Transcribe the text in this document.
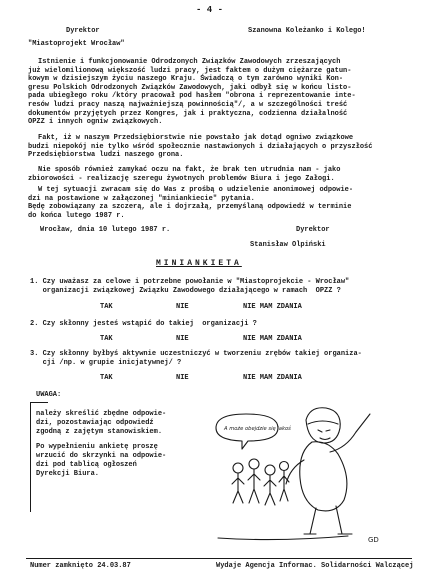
- 4 -
Dyrektor
"Miastoprojekt Wrocław"
Szanowna Koleżanko i Kolego!
Istnienie i funkcjonowanie Odrodzonych Związków Zawodowych zrzeszających
już wielomilionową większość ludzi pracy, jest faktem o dużym ciężarze gatun-
kowym w dzisiejszym życiu naszego Kraju. Świadczą o tym zarówno wyniki Kon-
gresu Polskich Odrodzonych Związków Zawodowych, jaki odbył się w końcu listo-
pada ubiegłego roku /który pracował pod hasłem "obrona i reprezentowanie inte-
resów ludzi pracy naszą najważniejszą powinnością"/, a w szczególności treść
dokumentów przyjętych przez Kongres, jak i praktyczna, codzienna działalność
OPZZ i innych ogniw związkowych.
Fakt, iż w naszym Przedsiębiorstwie nie powstało jak dotąd ogniwo związkowe
budzi niepokój nie tylko wśród społecznie nastawionych i działających o przyszłość
Przedsiębiorstwa ludzi naszego grona.
Nie sposób również zamykać oczu na fakt, że brak ten utrudnia nam - jako
zbiorowości - realizację szeregu żywotnych problemów Biura i jego Załogi.
W tej sytuacji zwracam się do Was z prośbą o udzielenie anonimowej odpowie-
dzi na postawione w załączonej "miniankiecie" pytania.
Będę zobowiązany za szczerą, ale i dojrzałą, przemyślaną odpowiedź w terminie
do końca lutego 1987 r.
Wrocław, dnia 10 lutego 1987 r.	Dyrektor
Stanisław Olpiński
MINIANKIETA
1. Czy uważasz za celowe i potrzebne powołanie w "Miastoprojekcie - Wrocław"
organizacji związkowej Związku Zawodowego działającego w ramach  OPZZ ?
TAK	NIE	NIE MAM ZDANIA
2. Czy skłonny jesteś wstąpić do takiej  organizacji ?
TAK	NIE	NIE MAM ZDANIA
3. Czy skłonny byłbyś aktywnie uczestniczyć w tworzeniu zrębów takiej organiza-
cji /np. w grupie inicjatywnej/ ?
TAK	NIE	NIE MAM ZDANIA
UWAGA:
należy skreślić zbędne odpowie-
dzi, pozostawiając odpowiedź
zgodną z zajętym stanowiskiem.
Po wypełnieniu ankietę proszę
wrzucić do skrzynki na odpowie-
dzi pod tablicą ogłoszeń
Dyrekcji Biura.
A może obejdzie się jakoś
GD
Numer zamknięto 24.03.87	Wydaje Agencja Informac. Solidarności Walczącej
